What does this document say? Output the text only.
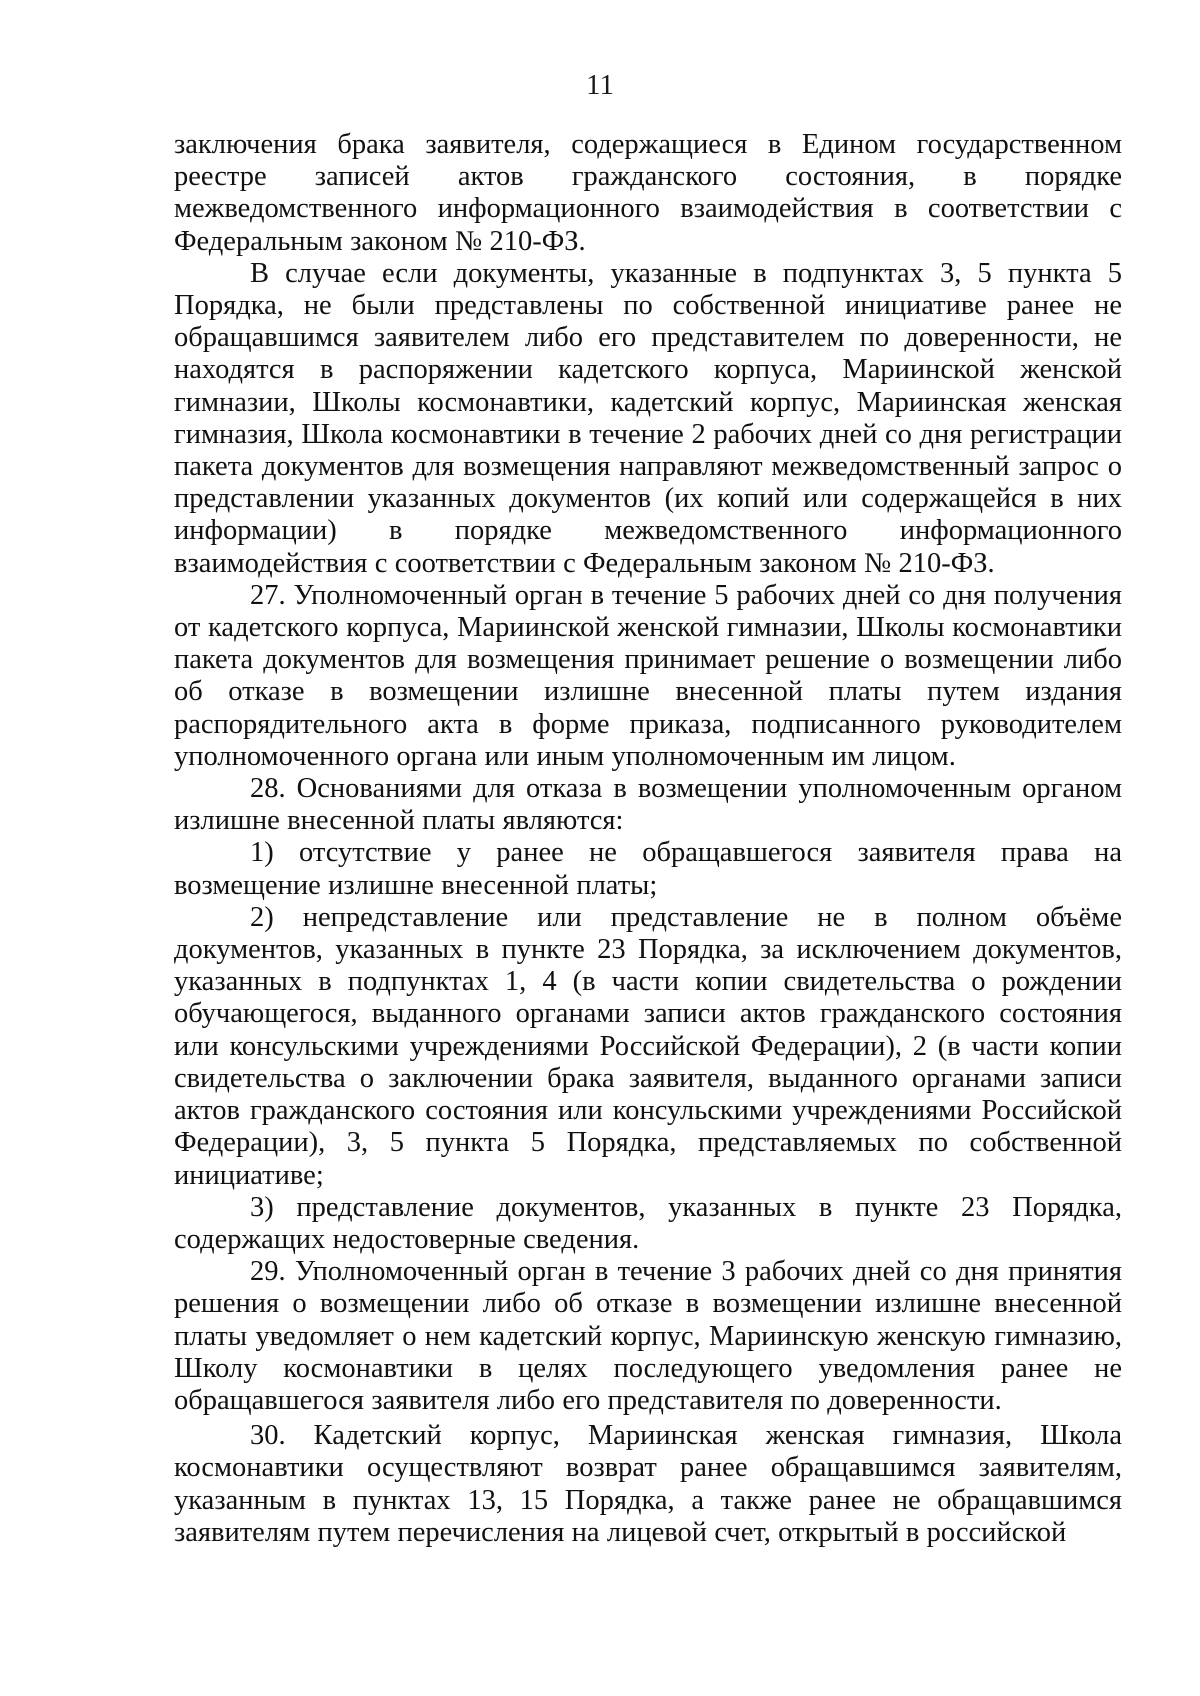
11

заключения брака заявителя, содержащиеся в Едином государственном реестре записей актов гражданского состояния, в порядке межведомственного информационного взаимодействия в соответствии с Федеральным законом № 210-ФЗ.

В случае если документы, указанные в подпунктах 3, 5 пункта 5 Порядка, не были представлены по собственной инициативе ранее не обращавшимся заявителем либо его представителем по доверенности, не находятся в распоряжении кадетского корпуса, Мариинской женской гимназии, Школы космонавтики, кадетский корпус, Мариинская женская гимназия, Школа космонавтики в течение 2 рабочих дней со дня регистрации пакета документов для возмещения направляют межведомственный запрос о представлении указанных документов (их копий или содержащейся в них информации) в порядке межведомственного информационного взаимодействия с соответствии с Федеральным законом № 210-ФЗ.

27. Уполномоченный орган в течение 5 рабочих дней со дня получения от кадетского корпуса, Мариинской женской гимназии, Школы космонавтики пакета документов для возмещения принимает решение о возмещении либо об отказе в возмещении излишне внесенной платы путем издания распорядительного акта в форме приказа, подписанного руководителем уполномоченного органа или иным уполномоченным им лицом.

28. Основаниями для отказа в возмещении уполномоченным органом излишне внесенной платы являются:

1) отсутствие у ранее не обращавшегося заявителя права на возмещение излишне внесенной платы;

2) непредставление или представление не в полном объёме документов, указанных в пункте 23 Порядка, за исключением документов, указанных в подпунктах 1, 4 (в части копии свидетельства о рождении обучающегося, выданного органами записи актов гражданского состояния или консульскими учреждениями Российской Федерации), 2 (в части копии свидетельства о заключении брака заявителя, выданного органами записи актов гражданского состояния или консульскими учреждениями Российской Федерации), 3, 5 пункта 5 Порядка, представляемых по собственной инициативе;

3) представление документов, указанных в пункте 23 Порядка, содержащих недостоверные сведения.

29. Уполномоченный орган в течение 3 рабочих дней со дня принятия решения о возмещении либо об отказе в возмещении излишне внесенной платы уведомляет о нем кадетский корпус, Мариинскую женскую гимназию, Школу космонавтики в целях последующего уведомления ранее не обращавшегося заявителя либо его представителя по доверенности.

30. Кадетский корпус, Мариинская женская гимназия, Школа космонавтики осуществляют возврат ранее обращавшимся заявителям, указанным в пунктах 13, 15 Порядка, а также ранее не обращавшимся заявителям путем перечисления на лицевой счет, открытый в российской
